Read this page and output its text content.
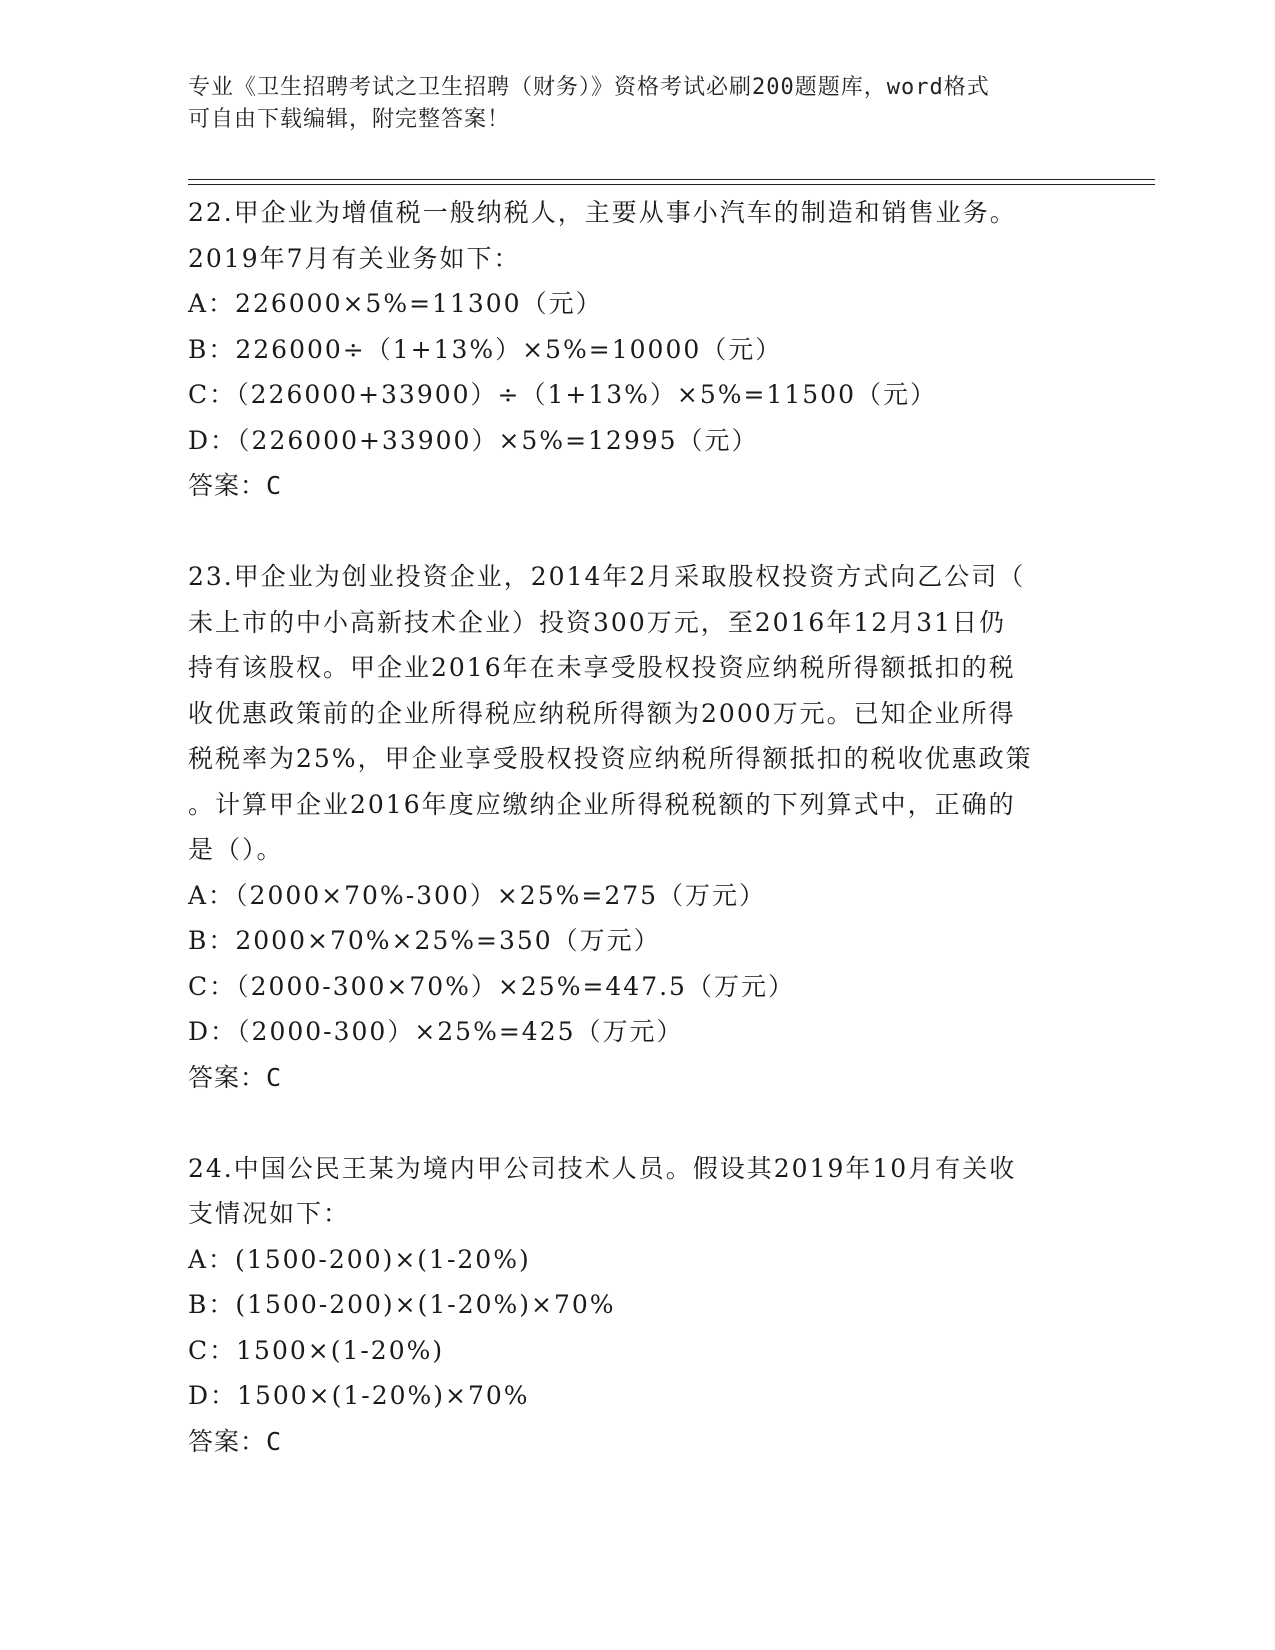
专业《卫生招聘考试之卫生招聘（财务）》资格考试必刷200题题库，word格式
可自由下载编辑，附完整答案！
22.甲企业为增值税一般纳税人，主要从事小汽车的制造和销售业务。
2019年7月有关业务如下：
A：226000×5%=11300（元）
B：226000÷（1+13%）×5%=10000（元）
C：（226000+33900）÷（1+13%）×5%=11500（元）
D：（226000+33900）×5%=12995（元）
答案：C
23.甲企业为创业投资企业，2014年2月采取股权投资方式向乙公司（
未上市的中小高新技术企业）投资300万元，至2016年12月31日仍
持有该股权。甲企业2016年在未享受股权投资应纳税所得额抵扣的税
收优惠政策前的企业所得税应纳税所得额为2000万元。已知企业所得
税税率为25%，甲企业享受股权投资应纳税所得额抵扣的税收优惠政策
。计算甲企业2016年度应缴纳企业所得税税额的下列算式中，正确的
是（）。
A：（2000×70%-300）×25%=275（万元）
B：2000×70%×25%=350（万元）
C：（2000-300×70%）×25%=447.5（万元）
D：（2000-300）×25%=425（万元）
答案：C
24.中国公民王某为境内甲公司技术人员。假设其2019年10月有关收
支情况如下：
A：(1500-200)×(1-20%)
B：(1500-200)×(1-20%)×70%
C：1500×(1-20%)
D：1500×(1-20%)×70%
答案：C
